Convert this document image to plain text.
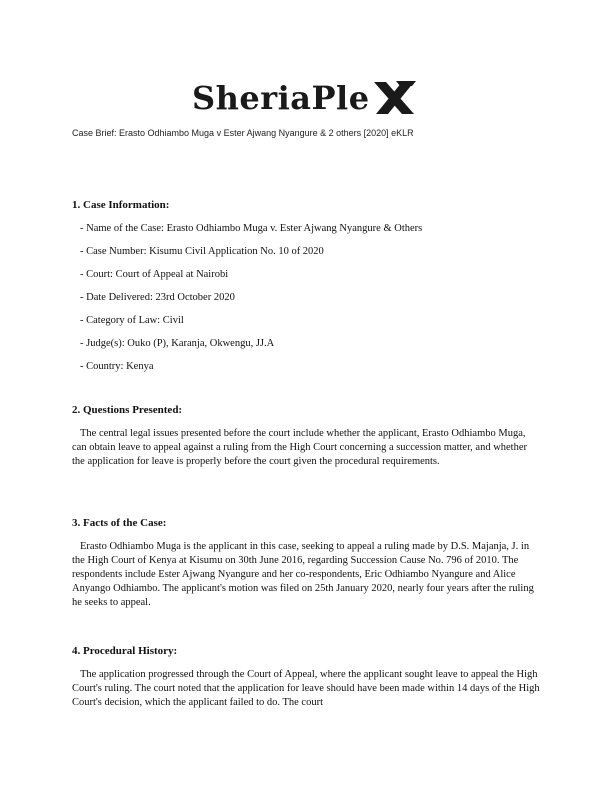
SheriaPle
Case Brief: Erasto Odhiambo Muga v Ester Ajwang Nyangure & 2 others [2020] eKLR

1. Case Information:

- Name of the Case: Erasto Odhiambo Muga v. Ester Ajwang Nyangure & Others

- Case Number: Kisumu Civil Application No. 10 of 2020

- Court: Court of Appeal at Nairobi

- Date Delivered: 23rd October 2020

- Category of Law: Civil

- Judge(s): Ouko (P), Karanja, Okwengu, JJ.A

- Country: Kenya

2. Questions Presented:

The central legal issues presented before the court include whether the applicant, Erasto Odhiambo Muga, can obtain leave to appeal against a ruling from the High Court concerning a succession matter, and whether the application for leave is properly before the court given the procedural requirements.

3. Facts of the Case:

Erasto Odhiambo Muga is the applicant in this case, seeking to appeal a ruling made by D.S. Majanja, J. in the High Court of Kenya at Kisumu on 30th June 2016, regarding Succession Cause No. 796 of 2010. The respondents include Ester Ajwang Nyangure and her co-respondents, Eric Odhiambo Nyangure and Alice Anyango Odhiambo. The applicant's motion was filed on 25th January 2020, nearly four years after the ruling he seeks to appeal.

4. Procedural History:

The application progressed through the Court of Appeal, where the applicant sought leave to appeal the High Court's ruling. The court noted that the application for leave should have been made within 14 days of the High Court's decision, which the applicant failed to do. The court
